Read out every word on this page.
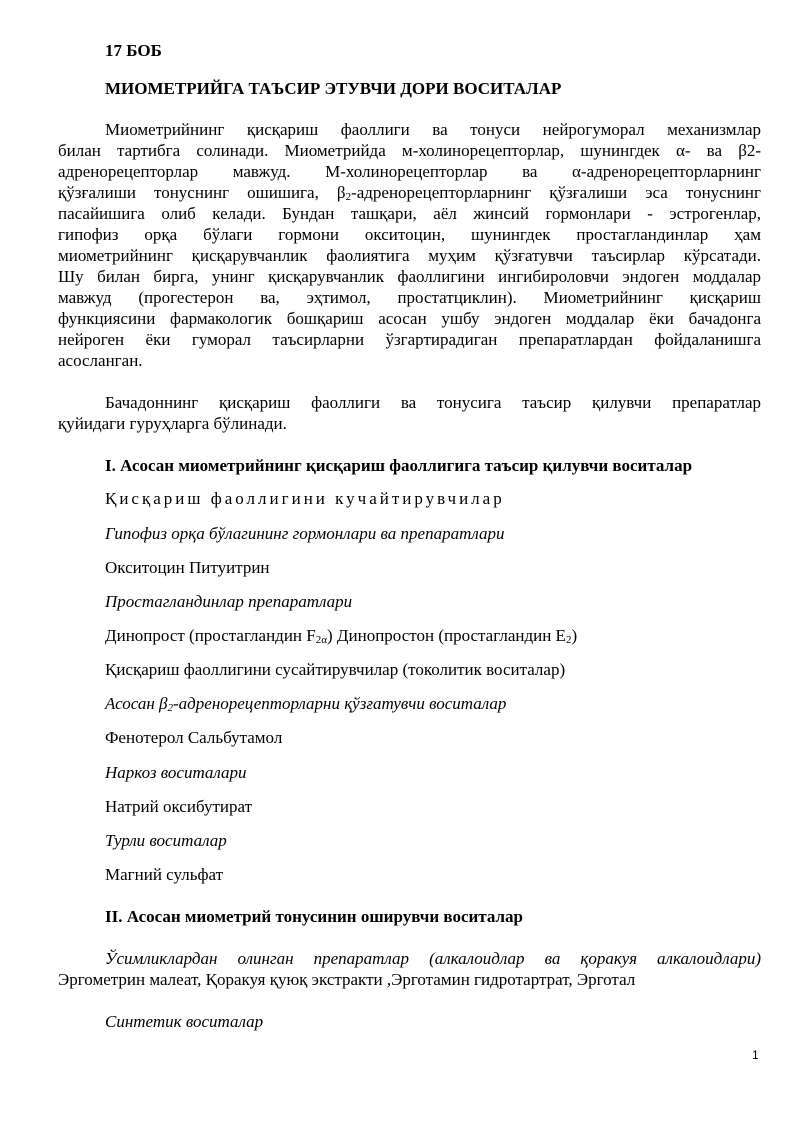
17 БОБ
МИОМЕТРИЙГА ТАЪСИР ЭТУВЧИ ДОРИ ВОСИТАЛАР
Миометрийнинг қисқариш фаоллиги ва тонуси нейрогуморал механизмлар
билан тартибга солинади. Миометрийда м-холинорецепторлар, шунингдек α- ва β2-
адренорецепторлар мавжуд. М-холинорецепторлар ва α-адренорецепторларнинг
қўзғалиши тонуснинг ошишига, $\beta_2$-адренорецепторларнинг қўзғалиши эса тонуснинг
пасайишига олиб келади. Бундан ташқари, аёл жинсий гормонлари - эстрогенлар,
гипофиз орқа бўлаги гормони окситоцин, шунингдек простагландинлар ҳам
миометрийнинг қисқарувчанлик фаолиятига муҳим қўзғатувчи таъсирлар кўрсатади.
Шу билан бирга, унинг қисқарувчанлик фаоллигини ингибироловчи эндоген моддалар
мавжуд (прогестерон ва, эҳтимол, простатциклин). Миометрийнинг қисқариш
функциясини фармакологик бошқариш асосан ушбу эндоген моддалар ёки бачадонга
нейроген ёки гуморал таъсирларни ўзгартирадиган препаратлардан фойдаланишга
асосланган.
Бачадоннинг қисқариш фаоллиги ва тонусига таъсир қилувчи препаратлар
қуйидаги гуруҳларга бўлинади.
I. Асосан миометрийнинг қисқариш фаоллигига таъсир қилувчи воситалар
Қисқариш фаоллигини кучайтирувчилар
Гипофиз орқа бўлагининг гормонлари ва препаратлари
Окситоцин Питуитрин
Простагландинлар препаратлари
Динопрост (простагландин $F_{2\alpha}$) Динопростон (простагландин $E_2$)
Қисқариш фаоллигини сусайтирувчилар (токолитик воситалар)
Асосан $\beta_2$-адренорецепторларни қўзғатувчи воситалар
Фенотерол Сальбутамол
Наркоз воситалари
Натрий оксибутират
Турли воситалар
Магний сульфат
II. Асосан миометрий тонусинин оширувчи воситалар
Ўсимликлардан олинган препаратлар (алкалоидлар ва қоракуя алкалоидлари)
Эргометрин малеат, Қоракуя қуюқ экстракти ,Эрготамин гидротартрат, Эрготал
Синтетик воситалар
1
